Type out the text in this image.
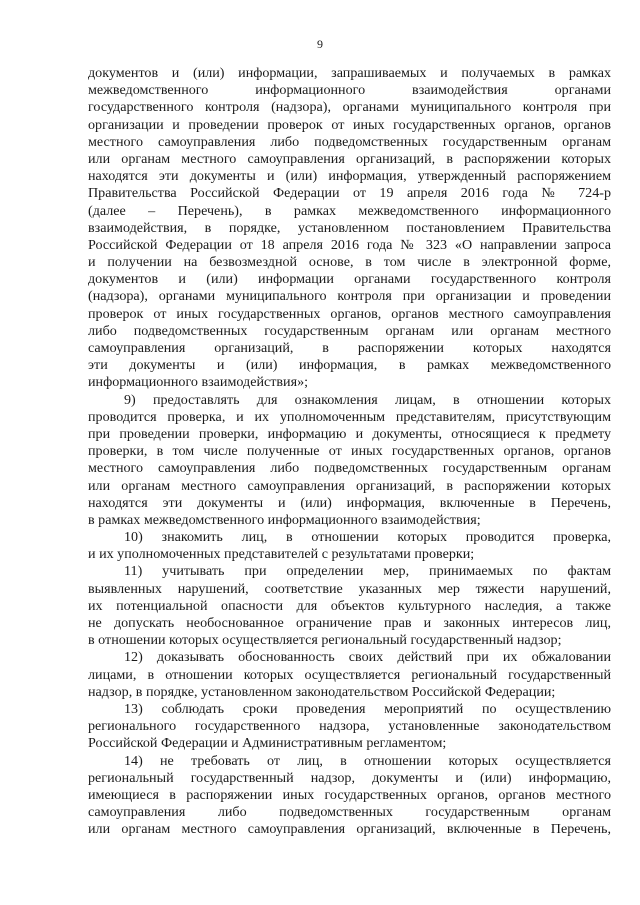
9
документов и (или) информации, запрашиваемых и получаемых в рамках
межведомственного информационного взаимодействия органами
государственного контроля (надзора), органами муниципального контроля при
организации и проведении проверок от иных государственных органов, органов
местного самоуправления либо подведомственных государственным органам
или органам местного самоуправления организаций, в распоряжении которых
находятся эти документы и (или) информация, утвержденный распоряжением
Правительства Российской Федерации от 19 апреля 2016 года № 724-р
(далее – Перечень), в рамках межведомственного информационного
взаимодействия, в порядке, установленном постановлением Правительства
Российской Федерации от 18 апреля 2016 года № 323 «О направлении запроса
и получении на безвозмездной основе, в том числе в электронной форме,
документов и (или) информации органами государственного контроля
(надзора), органами муниципального контроля при организации и проведении
проверок от иных государственных органов, органов местного самоуправления
либо подведомственных государственным органам или органам местного
самоуправления организаций, в распоряжении которых находятся
эти документы и (или) информация, в рамках межведомственного
информационного взаимодействия»;
9) предоставлять для ознакомления лицам, в отношении которых
проводится проверка, и их уполномоченным представителям, присутствующим
при проведении проверки, информацию и документы, относящиеся к предмету
проверки, в том числе полученные от иных государственных органов, органов
местного самоуправления либо подведомственных государственным органам
или органам местного самоуправления организаций, в распоряжении которых
находятся эти документы и (или) информация, включенные в Перечень,
в рамках межведомственного информационного взаимодействия;
10) знакомить лиц, в отношении которых проводится проверка,
и их уполномоченных представителей с результатами проверки;
11) учитывать при определении мер, принимаемых по фактам
выявленных нарушений, соответствие указанных мер тяжести нарушений,
их потенциальной опасности для объектов культурного наследия, а также
не допускать необоснованное ограничение прав и законных интересов лиц,
в отношении которых осуществляется региональный государственный надзор;
12) доказывать обоснованность своих действий при их обжаловании
лицами, в отношении которых осуществляется региональный государственный
надзор, в порядке, установленном законодательством Российской Федерации;
13) соблюдать сроки проведения мероприятий по осуществлению
регионального государственного надзора, установленные законодательством
Российской Федерации и Административным регламентом;
14) не требовать от лиц, в отношении которых осуществляется
региональный государственный надзор, документы и (или) информацию,
имеющиеся в распоряжении иных государственных органов, органов местного
самоуправления либо подведомственных государственным органам
или органам местного самоуправления организаций, включенные в Перечень,
